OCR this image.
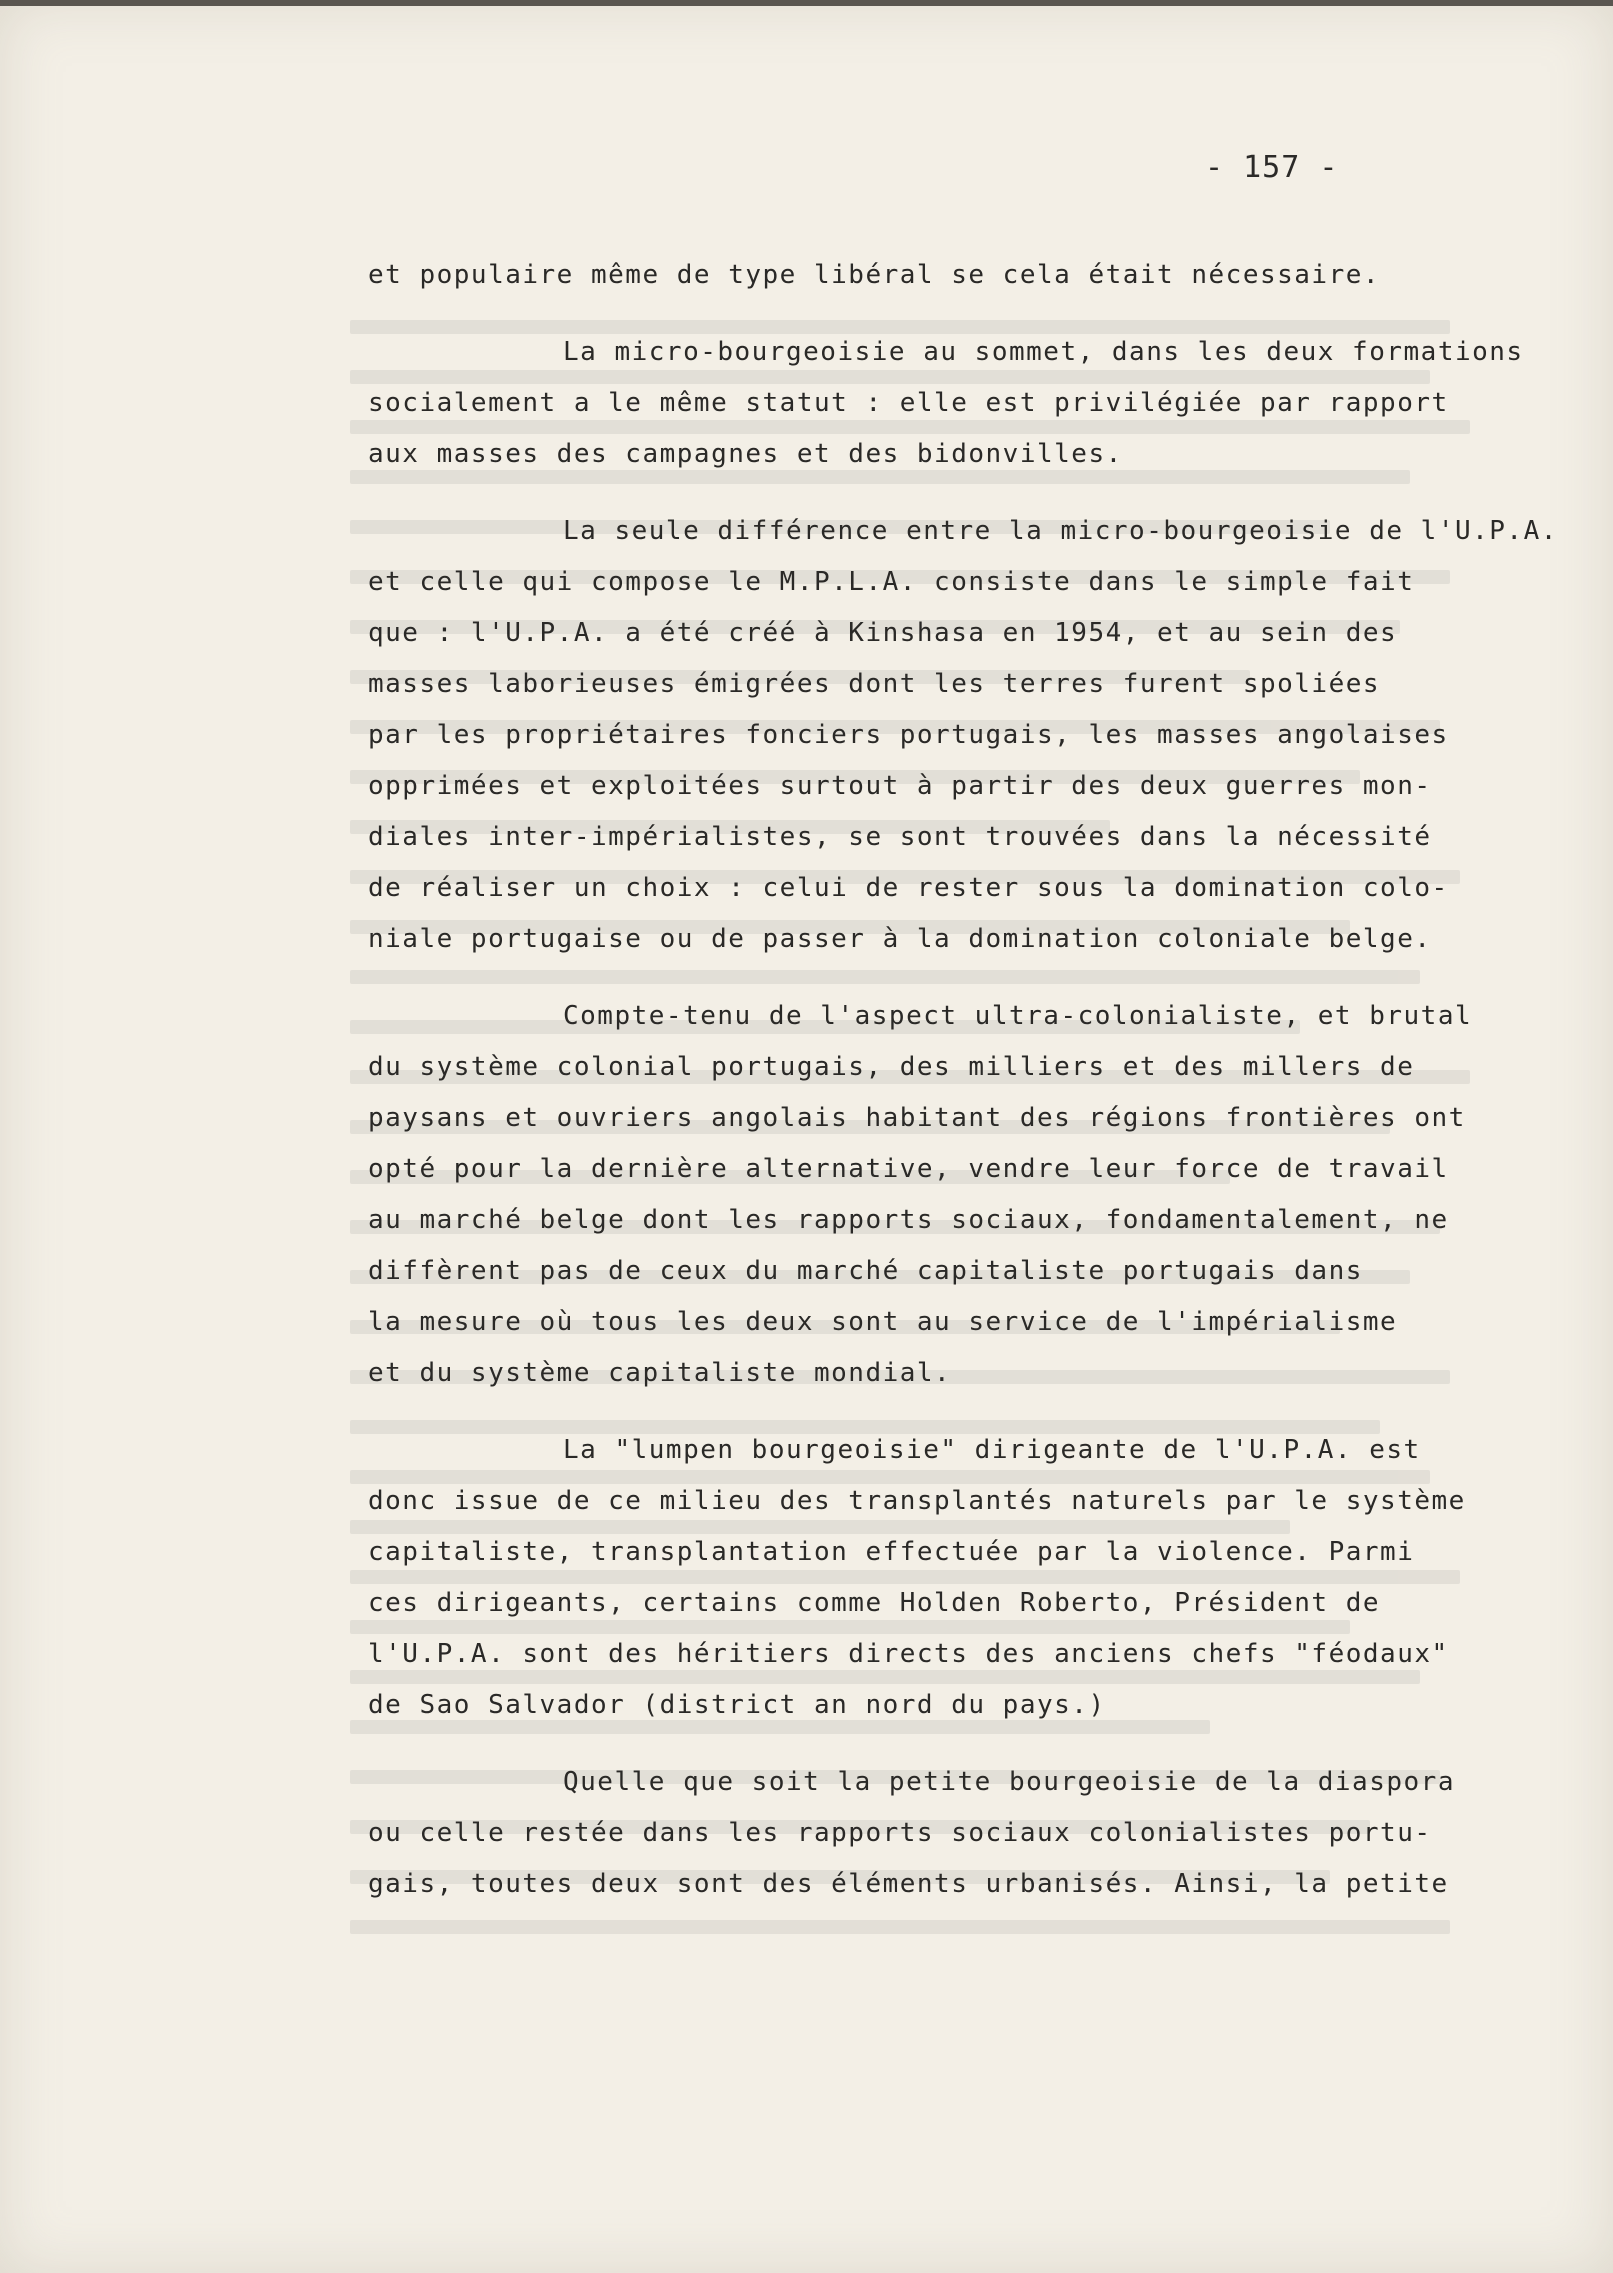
- 157 -
et populaire même de type libéral se cela était nécessaire.
La micro-bourgeoisie au sommet, dans les deux formations
socialement a le même statut : elle est privilégiée par rapport
aux masses des campagnes et des bidonvilles.
La seule différence entre la micro-bourgeoisie de l'U.P.A.
et celle qui compose le M.P.L.A. consiste dans le simple fait
que : l'U.P.A. a été créé à Kinshasa en 1954, et au sein des
masses laborieuses émigrées dont les terres furent spoliées
par les propriétaires fonciers portugais, les masses angolaises
opprimées et exploitées surtout à partir des deux guerres mon-
diales inter-impérialistes, se sont trouvées dans la nécessité
de réaliser un choix : celui de rester sous la domination colo-
niale portugaise ou de passer à la domination coloniale belge.
Compte-tenu de l'aspect ultra-colonialiste, et brutal
du système colonial portugais, des milliers et des millers de
paysans et ouvriers angolais habitant des régions frontières ont
opté pour la dernière alternative, vendre leur force de travail
au marché belge dont les rapports sociaux, fondamentalement, ne
diffèrent pas de ceux du marché capitaliste portugais dans
la mesure où tous les deux sont au service de l'impérialisme
et du système capitaliste mondial.
La "lumpen bourgeoisie" dirigeante de l'U.P.A. est
donc issue de ce milieu des transplantés naturels par le système
capitaliste, transplantation effectuée par la violence. Parmi
ces dirigeants, certains comme Holden Roberto, Président de
l'U.P.A. sont des héritiers directs des anciens chefs "féodaux"
de Sao Salvador (district an nord du pays.)
Quelle que soit la petite bourgeoisie de la diaspora
ou celle restée dans les rapports sociaux colonialistes portu-
gais, toutes deux sont des éléments urbanisés. Ainsi, la petite
